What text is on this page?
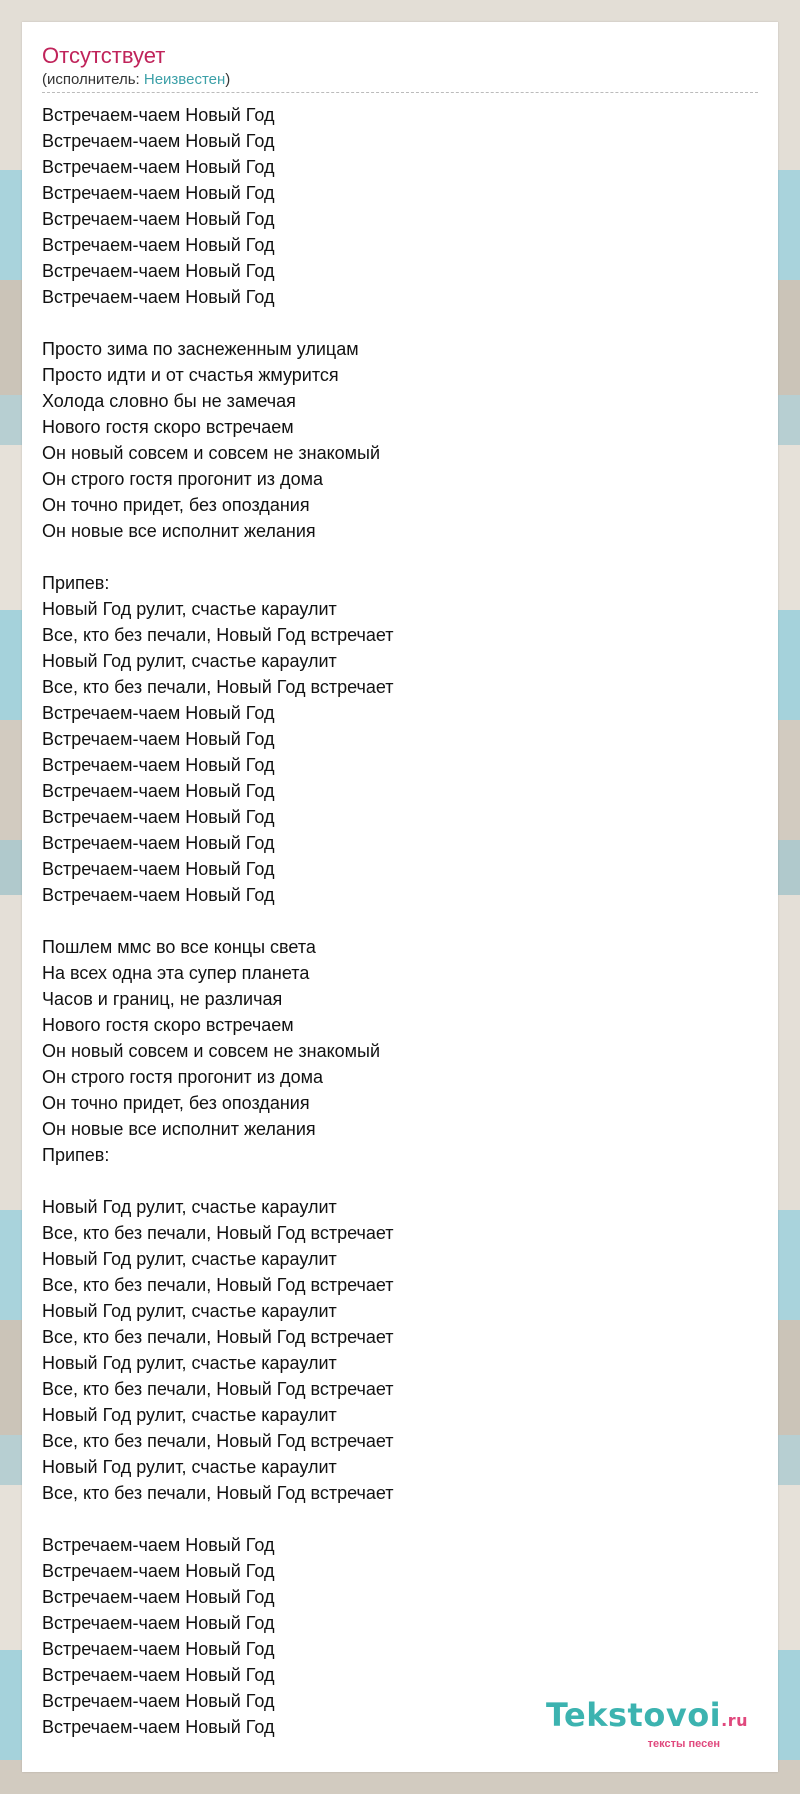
Отсутствует
(исполнитель: Неизвестен)
Встречаем-чаем Новый Год
Встречаем-чаем Новый Год
Встречаем-чаем Новый Год
Встречаем-чаем Новый Год
Встречаем-чаем Новый Год
Встречаем-чаем Новый Год
Встречаем-чаем Новый Год
Встречаем-чаем Новый Год
Просто зима по заснеженным улицам
Просто идти и от счастья жмурится
Холода словно бы не замечая
Нового гостя скоро встречаем
Он новый совсем и совсем не знакомый
Он строго гостя прогонит из дома
Он точно придет, без опоздания
Он новые все исполнит желания
Припев:
Новый Год рулит, счастье караулит
Все, кто без печали, Новый Год встречает
Новый Год рулит, счастье караулит
Все, кто без печали, Новый Год встречает
Встречаем-чаем Новый Год
Встречаем-чаем Новый Год
Встречаем-чаем Новый Год
Встречаем-чаем Новый Год
Встречаем-чаем Новый Год
Встречаем-чаем Новый Год
Встречаем-чаем Новый Год
Встречаем-чаем Новый Год
Пошлем ммс во все концы света
На всех одна эта супер планета
Часов и границ, не различая
Нового гостя скоро встречаем
Он новый совсем и совсем не знакомый
Он строго гостя прогонит из дома
Он точно придет, без опоздания
Он новые все исполнит желания
Припев:
Новый Год рулит, счастье караулит
Все, кто без печали, Новый Год встречает
Новый Год рулит, счастье караулит
Все, кто без печали, Новый Год встречает
Новый Год рулит, счастье караулит
Все, кто без печали, Новый Год встречает
Новый Год рулит, счастье караулит
Все, кто без печали, Новый Год встречает
Новый Год рулит, счастье караулит
Все, кто без печали, Новый Год встречает
Новый Год рулит, счастье караулит
Все, кто без печали, Новый Год встречает
Встречаем-чаем Новый Год
Встречаем-чаем Новый Год
Встречаем-чаем Новый Год
Встречаем-чаем Новый Год
Встречаем-чаем Новый Год
Встречаем-чаем Новый Год
Встречаем-чаем Новый Год
Встречаем-чаем Новый Год	Tekstovoi.ru
тексты песен
